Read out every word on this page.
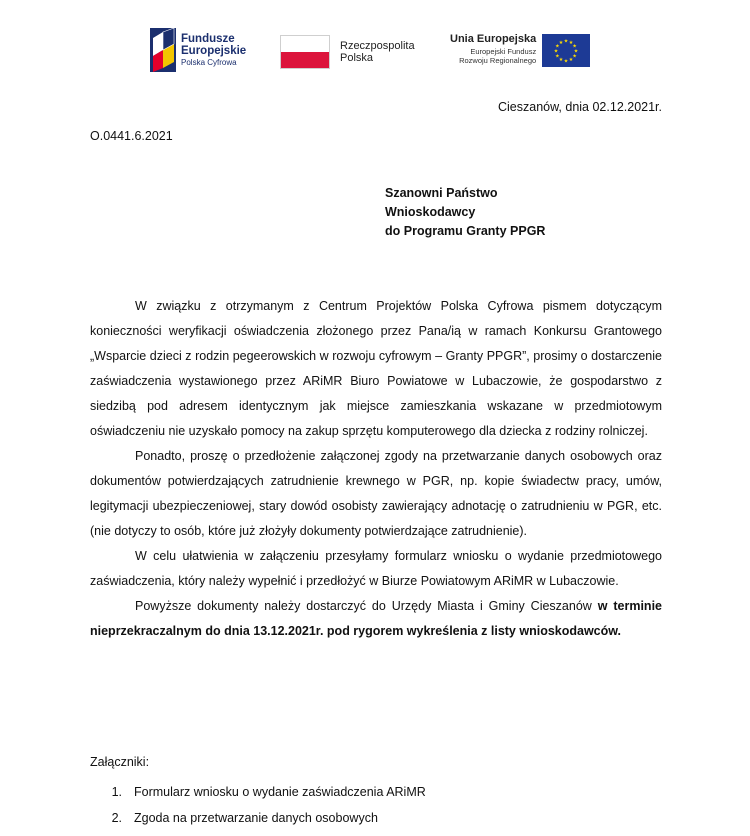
Fundusze
Europejskie
Polska Cyfrowa
Rzeczpospolita
Polska
Unia Europejska
Europejski Fundusz
Rozwoju Regionalnego
★ ★
★
★
★
★
★
★
★
★
★
★
Cieszanów, dnia 02.12.2021r.
O.0441.6.2021
Szanowni Państwo
Wnioskodawcy
do Programu Granty PPGR

W związku z otrzymanym z Centrum Projektów Polska Cyfrowa pismem dotyczącym konieczności weryfikacji oświadczenia złożonego przez Pana/ią w ramach Konkursu Grantowego „Wsparcie dzieci z rodzin pegeerowskich w rozwoju cyfrowym – Granty PPGR”, prosimy o dostarczenie zaświadczenia wystawionego przez ARiMR Biuro Powiatowe w Lubaczowie, że gospodarstwo z siedzibą pod adresem identycznym jak miejsce zamieszkania wskazane w przedmiotowym oświadczeniu nie uzyskało pomocy na zakup sprzętu komputerowego dla dziecka z rodziny rolniczej.

Ponadto, proszę o przedłożenie załączonej zgody na przetwarzanie danych osobowych oraz dokumentów potwierdzających zatrudnienie krewnego w PGR, np. kopie świadectw pracy, umów, legitymacji ubezpieczeniowej, stary dowód osobisty zawierający adnotację o zatrudnieniu w PGR, etc. (nie dotyczy to osób, które już złożyły dokumenty potwierdzające zatrudnienie).

W celu ułatwienia w załączeniu przesyłamy formularz wniosku o wydanie przedmiotowego zaświadczenia, który należy wypełnić i przedłożyć w Biurze Powiatowym ARiMR w Lubaczowie.

Powyższe dokumenty należy dostarczyć do Urzędy Miasta i Gminy Cieszanów w terminie nieprzekraczalnym do dnia 13.12.2021r. pod rygorem wykreślenia z listy wnioskodawców.

Załączniki:
1. Formularz wniosku o wydanie zaświadczenia ARiMR
2. Zgoda na przetwarzanie danych osobowych
